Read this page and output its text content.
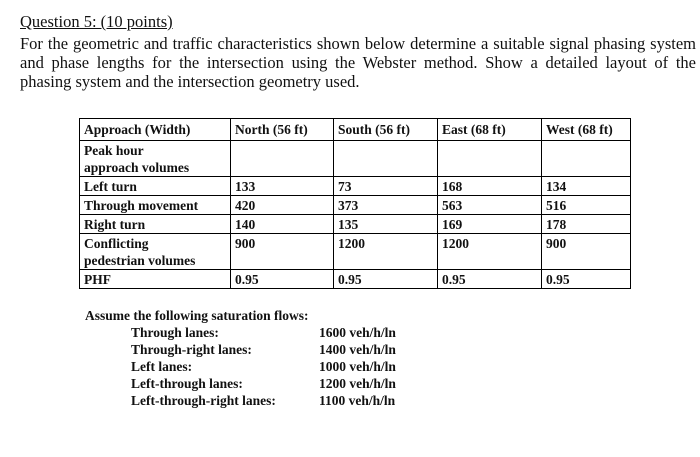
Question 5: (10 points)
For the geometric and traffic characteristics shown below determine a suitable signal phasing system and phase lengths for the intersection using the Webster method. Show a detailed layout of the phasing system and the intersection geometry used.
Approach (Width)	North (56 ft)	South (56 ft)	East (68 ft)	West (68 ft)

Peak hour
approach volumes				

Left turn	133	73	168	134
Through movement	420	373	563	516
Right turn	140	135	169	178

Conflicting
pedestrian volumes	900	1200	1200	900
PHF	0.95	0.95	0.95	0.95
Assume the following saturation flows:
Through lanes:	1600 veh/h/ln
Through-right lanes:	1400 veh/h/ln
Left lanes:	1000 veh/h/ln
Left-through lanes:	1200 veh/h/ln
Left-through-right lanes:	1100 veh/h/ln
